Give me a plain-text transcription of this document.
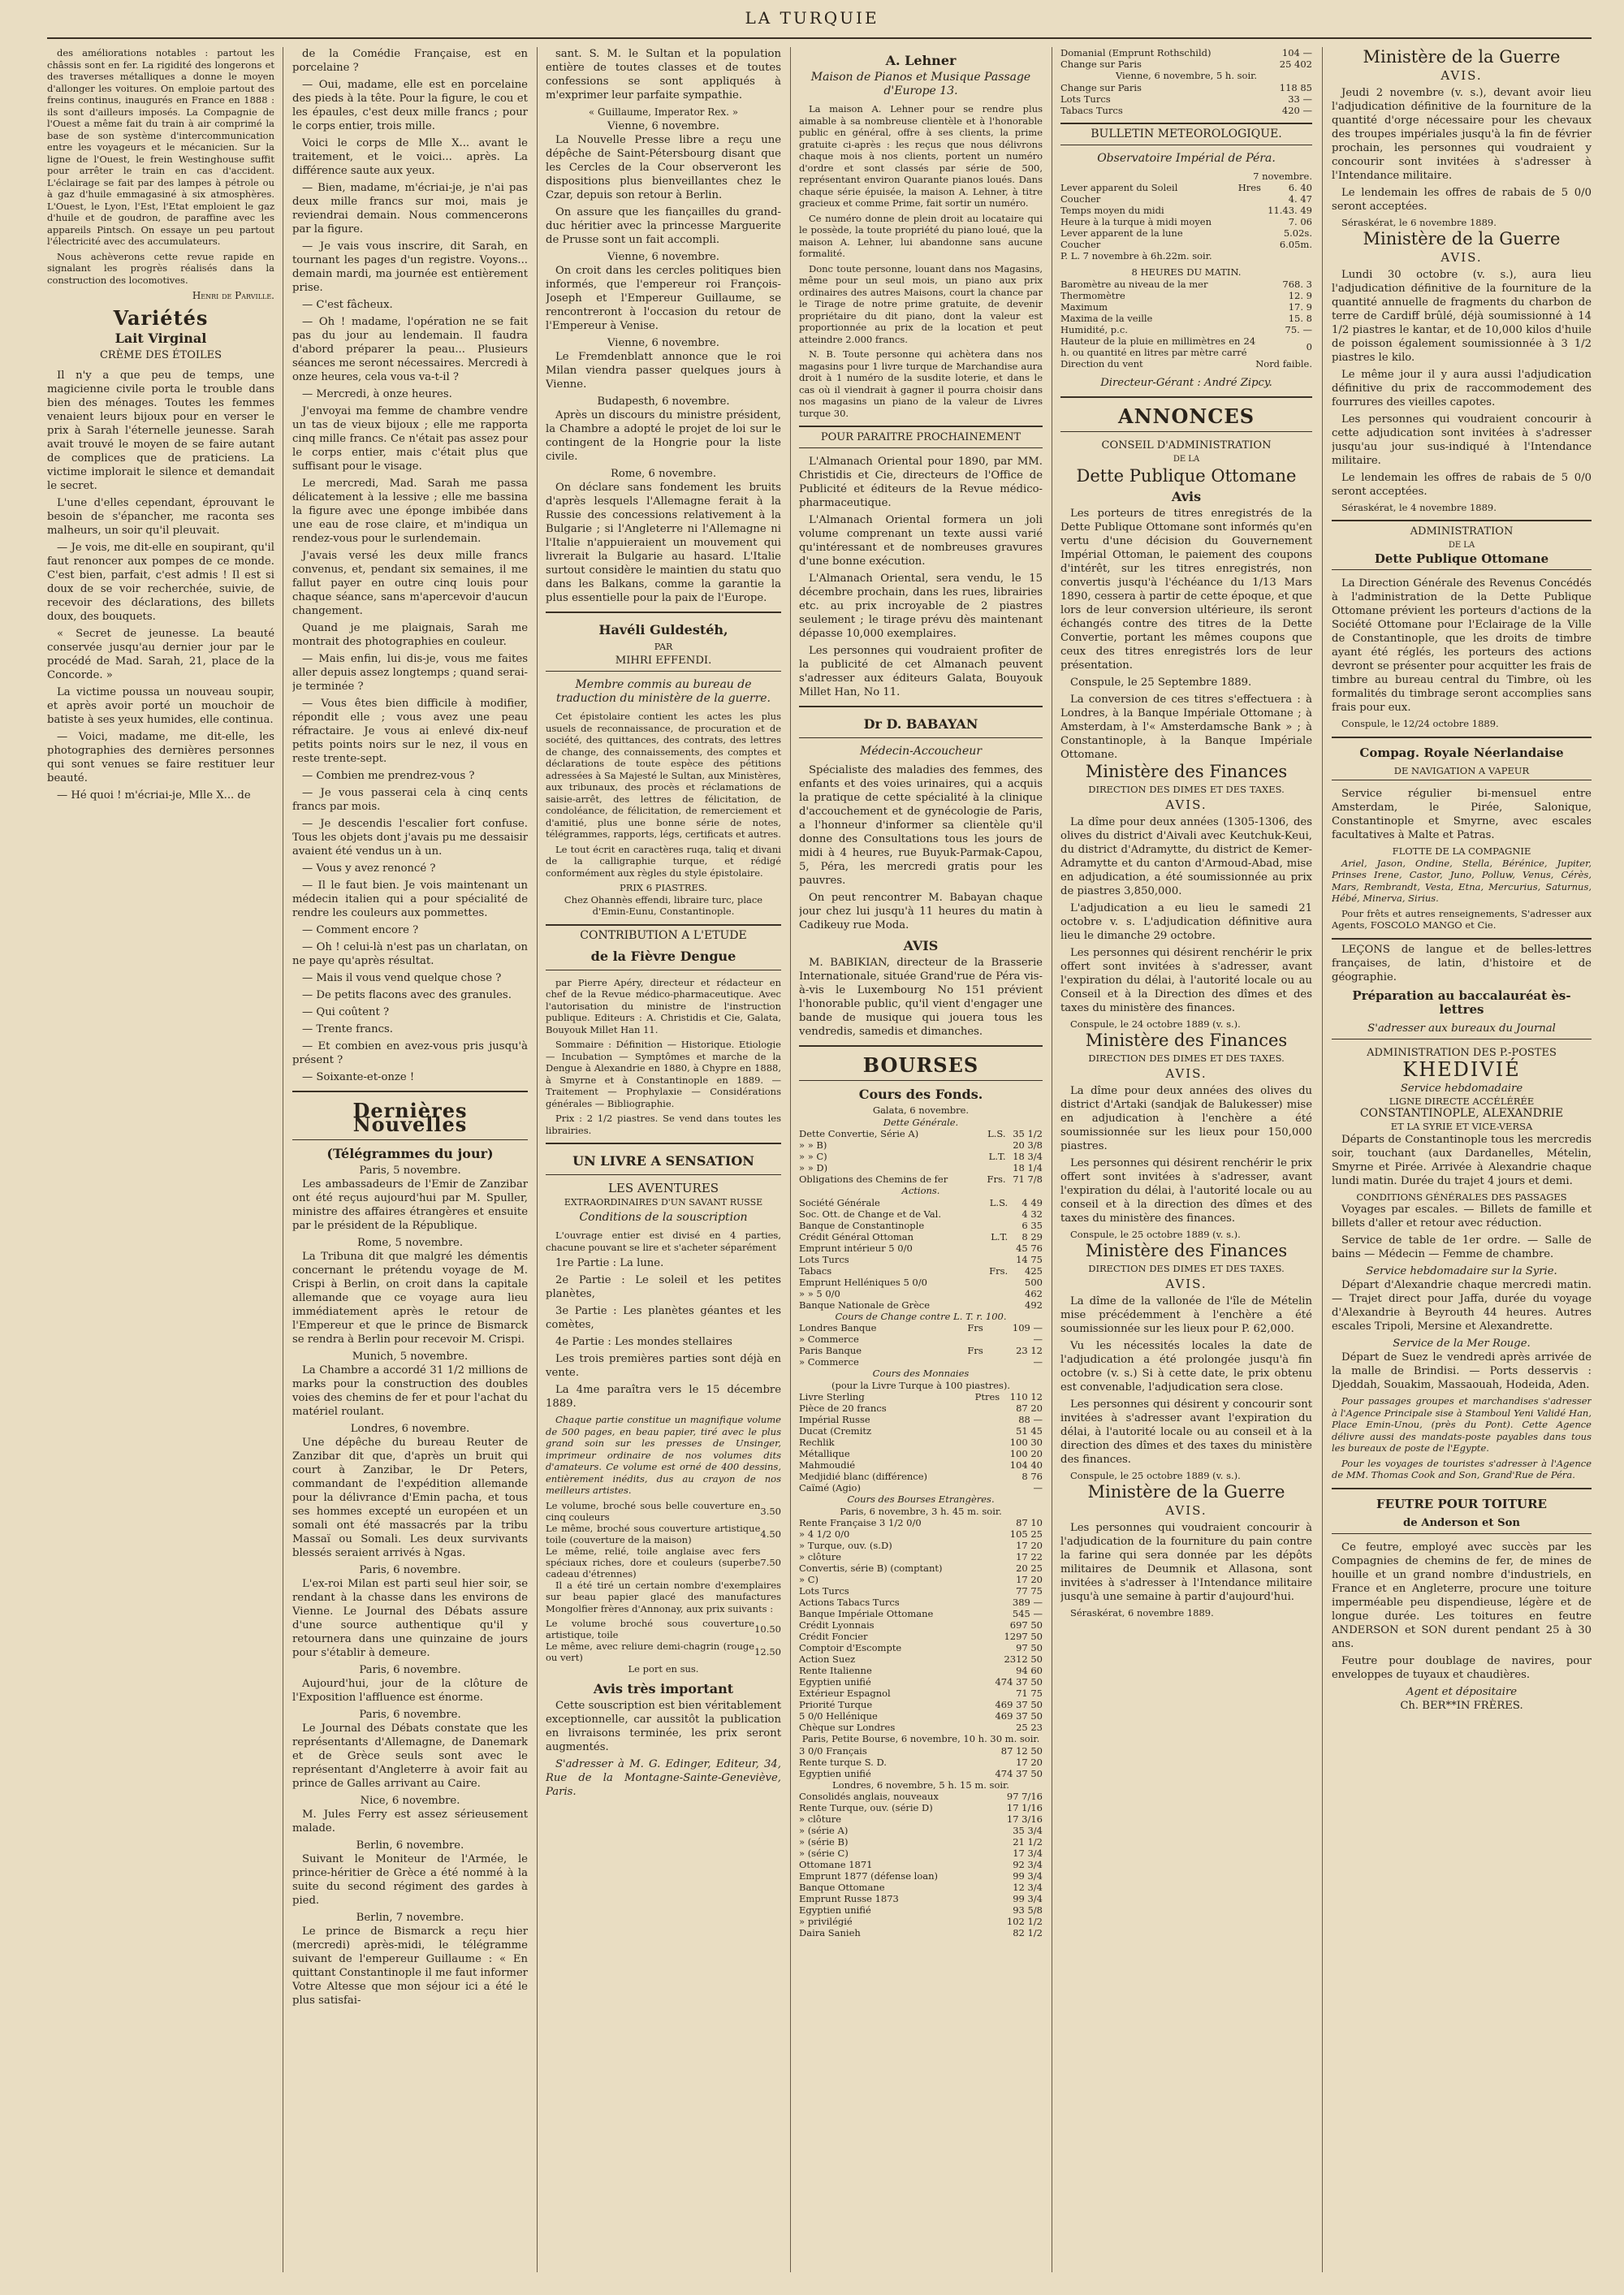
LA TURQUIE

des améliorations notables : partout les châssis sont en fer. La rigidité des longerons et des traverses métalliques a donne le moyen d'allonger les voitures. On emploie partout des freins continus, inaugurés en France en 1888 : ils sont d'ailleurs imposés. La Compagnie de l'Ouest a même fait du train à air comprimé la base de son système d'intercommunication entre les voyageurs et le mécanicien. Sur la ligne de l'Ouest, le frein Westinghouse suffit pour arrêter le train en cas d'accident. L'éclairage se fait par des lampes à pétrole ou à gaz d'huile emmagasiné à six atmosphères. L'Ouest, le Lyon, l'Est, l'Etat emploient le gaz d'huile et de goudron, de paraffine avec les appareils Pintsch. On essaye un peu partout l'électricité avec des accumulateurs.

Nous achèverons cette revue rapide en signalant les progrès réalisés dans la construction des locomotives.

Henri de Parville.
Variétés
Lait Virginal
CRÈME DES ÉTOILES

Il n'y a que peu de temps, une magicienne civile porta le trouble dans bien des ménages. Toutes les femmes venaient leurs bijoux pour en verser le prix à Sarah l'éternelle jeunesse. Sarah avait trouvé le moyen de se faire autant de complices que de praticiens. La victime implorait le silence et demandait le secret.

L'une d'elles cependant, éprouvant le besoin de s'épancher, me raconta ses malheurs, un soir qu'il pleuvait.

— Je vois, me dit-elle en soupirant, qu'il faut renoncer aux pompes de ce monde. C'est bien, parfait, c'est admis ! Il est si doux de se voir recherchée, suivie, de recevoir des déclarations, des billets doux, des bouquets.

« Secret de jeunesse. La beauté conservée jusqu'au dernier jour par le procédé de Mad. Sarah, 21, place de la Concorde. »

La victime poussa un nouveau soupir, et après avoir porté un mouchoir de batiste à ses yeux humides, elle continua.

— Voici, madame, me dit-elle, les photographies des dernières personnes qui sont venues se faire restituer leur beauté.

— Hé quoi ! m'écriai-je, Mlle X... de

de la Comédie Française, est en porcelaine ?

— Oui, madame, elle est en porcelaine des pieds à la tête. Pour la figure, le cou et les épaules, c'est deux mille francs ; pour le corps entier, trois mille.

Voici le corps de Mlle X... avant le traitement, et le voici... après. La différence saute aux yeux.

— Bien, madame, m'écriai-je, je n'ai pas deux mille francs sur moi, mais je reviendrai demain. Nous commencerons par la figure.

— Je vais vous inscrire, dit Sarah, en tournant les pages d'un registre. Voyons... demain mardi, ma journée est entièrement prise.

— C'est fâcheux.

— Oh ! madame, l'opération ne se fait pas du jour au lendemain. Il faudra d'abord préparer la peau... Plusieurs séances me seront nécessaires. Mercredi à onze heures, cela vous va-t-il ?

— Mercredi, à onze heures.

J'envoyai ma femme de chambre vendre un tas de vieux bijoux ; elle me rapporta cinq mille francs. Ce n'était pas assez pour le corps entier, mais c'était plus que suffisant pour le visage.

Le mercredi, Mad. Sarah me passa délicatement à la lessive ; elle me bassina la figure avec une éponge imbibée dans une eau de rose claire, et m'indiqua un rendez-vous pour le surlendemain.

J'avais versé les deux mille francs convenus, et, pendant six semaines, il me fallut payer en outre cinq louis pour chaque séance, sans m'apercevoir d'aucun changement.

Quand je me plaignais, Sarah me montrait des photographies en couleur.

— Mais enfin, lui dis-je, vous me faites aller depuis assez longtemps ; quand serai-je terminée ?

— Vous êtes bien difficile à modifier, répondit elle ; vous avez une peau réfractaire. Je vous ai enlevé dix-neuf petits points noirs sur le nez, il vous en reste trente-sept.

— Combien me prendrez-vous ?

— Je vous passerai cela à cinq cents francs par mois.

— Je descendis l'escalier fort confuse. Tous les objets dont j'avais pu me dessaisir avaient été vendus un à un.

— Vous y avez renoncé ?

— Il le faut bien. Je vois maintenant un médecin italien qui a pour spécialité de rendre les couleurs aux pommettes.

— Comment encore ?

— Oh ! celui-là n'est pas un charlatan, on ne paye qu'après résultat.

— Mais il vous vend quelque chose ?

— De petits flacons avec des granules.

— Qui coûtent ?

— Trente francs.

— Et combien en avez-vous pris jusqu'à présent ?

— Soixante-et-onze !

Dernières Nouvelles
(Télégrammes du jour)
Paris, 5 novembre.

Les ambassadeurs de l'Emir de Zanzibar ont été reçus aujourd'hui par M. Spuller, ministre des affaires étrangères et ensuite par le président de la République.

Rome, 5 novembre.

La Tribuna dit que malgré les démentis concernant le prétendu voyage de M. Crispi à Berlin, on croit dans la capitale allemande que ce voyage aura lieu immédiatement après le retour de l'Empereur et que le prince de Bismarck se rendra à Berlin pour recevoir M. Crispi.

Munich, 5 novembre.

La Chambre a accordé 31 1/2 millions de marks pour la construction des doubles voies des chemins de fer et pour l'achat du matériel roulant.

Londres, 6 novembre.

Une dépêche du bureau Reuter de Zanzibar dit que, d'après un bruit qui court à Zanzibar, le Dr Peters, commandant de l'expédition allemande pour la délivrance d'Emin pacha, et tous ses hommes excepté un européen et un somali ont été massacrés par la tribu Massaï ou Somali. Les deux survivants blessés seraient arrivés à Ngas.

Paris, 6 novembre.

L'ex-roi Milan est parti seul hier soir, se rendant à la chasse dans les environs de Vienne. Le Journal des Débats assure d'une source authentique qu'il y retournera dans une quinzaine de jours pour s'établir à demeure.

Paris, 6 novembre.

Aujourd'hui, jour de la clôture de l'Exposition l'affluence est énorme.

Paris, 6 novembre.

Le Journal des Débats constate que les représentants d'Allemagne, de Danemark et de Grèce seuls sont avec le représentant d'Angleterre à avoir fait au prince de Galles arrivant au Caire.

Nice, 6 novembre.

M. Jules Ferry est assez sérieusement malade.

Berlin, 6 novembre.

Suivant le Moniteur de l'Armée, le prince-héritier de Grèce a été nommé à la suite du second régiment des gardes à pied.

Berlin, 7 novembre.

Le prince de Bismarck a reçu hier (mercredi) après-midi, le télégramme suivant de l'empereur Guillaume : « En quittant Constantinople il me faut informer Votre Altesse que mon séjour ici a été le plus satisfai-

sant. S. M. le Sultan et la population entière de toutes classes et de toutes confessions se sont appliqués à m'exprimer leur parfaite sympathie.

« Guillaume, Imperator Rex. »
Vienne, 6 novembre.

La Nouvelle Presse libre a reçu une dépêche de Saint-Pétersbourg disant que les Cercles de la Cour observeront les dispositions plus bienveillantes chez le Czar, depuis son retour à Berlin.

On assure que les fiançailles du grand-duc héritier avec la princesse Marguerite de Prusse sont un fait accompli.

Vienne, 6 novembre.

On croit dans les cercles politiques bien informés, que l'empereur roi François-Joseph et l'Empereur Guillaume, se rencontreront à l'occasion du retour de l'Empereur à Venise.

Vienne, 6 novembre.

Le Fremdenblatt annonce que le roi Milan viendra passer quelques jours à Vienne.

Budapesth, 6 novembre.

Après un discours du ministre président, la Chambre a adopté le projet de loi sur le contingent de la Hongrie pour la liste civile.

Rome, 6 novembre.

On déclare sans fondement les bruits d'après lesquels l'Allemagne ferait à la Russie des concessions relativement à la Bulgarie ; si l'Angleterre ni l'Allemagne ni l'Italie n'appuieraient un mouvement qui livrerait la Bulgarie au hasard. L'Italie surtout considère le maintien du statu quo dans les Balkans, comme la garantie la plus essentielle pour la paix de l'Europe.

Havéli Guldestéh,
PAR
MIHRI EFFENDI.
Membre commis au bureau de traduction du ministère de la guerre.

Cet épistolaire contient les actes les plus usuels de reconnaissance, de procuration et de société, des quittances, des contrats, des lettres de change, des connaissements, des comptes et déclarations de toute espèce des pétitions adressées à Sa Majesté le Sultan, aux Ministères, aux tribunaux, des procès et réclamations de saisie-arrêt, des lettres de félicitation, de condoléance, de félicitation, de remerciement et d'amitié, plus une bonne série de notes, télégrammes, rapports, légs, certificats et autres.

Le tout écrit en caractères ruqa, taliq et divani de la calligraphie turque, et rédigé conformément aux règles du style épistolaire.

PRIX 6 PIASTRES.
Chez Ohannès effendi, libraire turc, place d'Emin-Eunu, Constantinople.
CONTRIBUTION A L'ETUDE
de la Fièvre Dengue

par Pierre Apéry, directeur et rédacteur en chef de la Revue médico-pharmaceutique. Avec l'autorisation du ministre de l'instruction publique. Editeurs : A. Christidis et Cie, Galata, Bouyouk Millet Han 11.

Sommaire : Définition — Historique. Etiologie — Incubation — Symptômes et marche de la Dengue à Alexandrie en 1880, à Chypre en 1888, à Smyrne et à Constantinople en 1889. — Traitement — Prophylaxie — Considérations générales — Bibliographie.

Prix : 2 1/2 piastres. Se vend dans toutes les librairies.

UN LIVRE A SENSATION
LES AVENTURES
EXTRAORDINAIRES D'UN SAVANT RUSSE
Conditions de la souscription

L'ouvrage entier est divisé en 4 parties, chacune pouvant se lire et s'acheter séparément

1re Partie : La lune.

2e Partie : Le soleil et les petites planètes,

3e Partie : Les planètes géantes et les comètes,

4e Partie : Les mondes stellaires

Les trois premières parties sont déjà en vente.

La 4me paraîtra vers le 15 décembre 1889.

Chaque partie constitue un magnifique volume de 500 pages, en beau papier, tiré avec le plus grand soin sur les presses de Unsinger, imprimeur ordinaire de nos volumes dits d'amateurs. Ce volume est orné de 400 dessins, entièrement inédits, dus au crayon de nos meilleurs artistes.

Le volume, broché sous belle couverture en cinq couleurs	3.50
Le même, broché sous couverture artistique toile (couverture de la maison)	4.50
Le même, relié, toile anglaise avec fers spéciaux riches, dore et couleurs (superbe cadeau d'étrennes)	7.50

Il a été tiré un certain nombre d'exemplaires sur beau papier glacé des manufactures Mongolfier frères d'Annonay, aux prix suivants :

Le volume broché sous couverture artistique, toile	10.50
Le même, avec reliure demi-chagrin (rouge ou vert)	12.50
Le port en sus.
Avis très important

Cette souscription est bien véritablement exceptionnelle, car aussitôt la publication en livraisons terminée, les prix seront augmentés.

S'adresser à M. G. Edinger, Editeur, 34, Rue de la Montagne-Sainte-Geneviève, Paris.

A. Lehner
Maison de Pianos et Musique Passage d'Europe 13.

La maison A. Lehner pour se rendre plus aimable à sa nombreuse clientèle et à l'honorable public en général, offre à ses clients, la prime gratuite ci-après : les reçus que nous délivrons chaque mois à nos clients, portent un numéro d'ordre et sont classés par série de 500, représentant environ Quarante pianos loués. Dans chaque série épuisée, la maison A. Lehner, à titre gracieux et comme Prime, fait sortir un numéro.

Ce numéro donne de plein droit au locataire qui le possède, la toute propriété du piano loué, que la maison A. Lehner, lui abandonne sans aucune formalité.

Donc toute personne, louant dans nos Magasins, même pour un seul mois, un piano aux prix ordinaires des autres Maisons, court la chance par le Tirage de notre prime gratuite, de devenir propriétaire du dit piano, dont la valeur est proportionnée au prix de la location et peut atteindre 2.000 francs.

N. B. Toute personne qui achètera dans nos magasins pour 1 livre turque de Marchandise aura droit à 1 numéro de la susdite loterie, et dans le cas où il viendrait à gagner il pourra choisir dans nos magasins un piano de la valeur de Livres turque 30.

POUR PARAITRE PROCHAINEMENT

L'Almanach Oriental pour 1890, par MM. Christidis et Cie, directeurs de l'Office de Publicité et éditeurs de la Revue médico-pharmaceutique.

L'Almanach Oriental formera un joli volume comprenant un texte aussi varié qu'intéressant et de nombreuses gravures d'une bonne exécution.

L'Almanach Oriental, sera vendu, le 15 décembre prochain, dans les rues, librairies etc. au prix incroyable de 2 piastres seulement ; le tirage prévu dès maintenant dépasse 10,000 exemplaires.

Les personnes qui voudraient profiter de la publicité de cet Almanach peuvent s'adresser aux éditeurs Galata, Bouyouk Millet Han, No 11.

Dr D. BABAYAN
Médecin-Accoucheur

Spécialiste des maladies des femmes, des enfants et des voies urinaires, qui a acquis la pratique de cette spécialité à la clinique d'accouchement et de gynécologie de Paris, a l'honneur d'informer sa clientèle qu'il donne des Consultations tous les jours de midi à 4 heures, rue Buyuk-Parmak-Capou, 5, Péra, les mercredi gratis pour les pauvres.

On peut rencontrer M. Babayan chaque jour chez lui jusqu'à 11 heures du matin à Cadikeuy rue Moda.

AVIS

M. BABIKIAN, directeur de la Brasserie Internationale, située Grand'rue de Péra vis-à-vis le Luxembourg No 151 prévient l'honorable public, qu'il vient d'engager une bande de musique qui jouera tous les vendredis, samedis et dimanches.

BOURSES
Cours des Fonds.
Galata, 6 novembre.
Dette Générale.
Dette Convertie, Série A)	L.S.	35 1/2
» » B)		20 3/8
» » C)	L.T.	18 3/4
» » D)		18 1/4
Obligations des Chemins de fer	Frs.	71 7/8
Actions.
Société Générale	L.S.	4 49
Soc. Ott. de Change et de Val.		4 32
Banque de Constantinople		6 35
Crédit Général Ottoman	L.T.	8 29
Emprunt intérieur 5 0/0		45 76
Lots Turcs		14 75
Tabacs	Frs.	425
Emprunt Helléniques 5 0/0		500
» » 5 0/0		462
Banque Nationale de Grèce		492
Cours de Change contre L. T. r. 100.
Londres Banque	Frs	109 —
» Commerce		—
Paris Banque	Frs	23 12
» Commerce		—
Cours des Monnaies
(pour la Livre Turque à 100 piastres).
Livre Sterling	Ptres	110 12
Pièce de 20 francs		87 20
Impérial Russe		88 —
Ducat (Cremitz		51 45
Rechlik		100 30
Métallique		100 20
Mahmoudié		104 40
Medjidié blanc (différence)		8 76
Caïmé (Agio)		—
Cours des Bourses Etrangères.
Paris, 6 novembre, 3 h. 45 m. soir.
Rente Française 3 1/2 0/0		87 10
» 4 1/2 0/0		105 25
» Turque, ouv. (s.D)		17 20
» clôture		17 22
Convertis, série B) (comptant)		20 25
» C)		17 20
Lots Turcs		77 75
Actions Tabacs Turcs		389 —
Banque Impériale Ottomane		545 —
Crédit Lyonnais		697 50
Crédit Foncier		1297 50
Comptoir d'Escompte		97 50
Action Suez		2312 50
Rente Italienne		94 60
Egyptien unifié		474 37 50
Extérieur Espagnol		71 75
Priorité Turque		469 37 50
5 0/0 Hellénique		469 37 50
Chèque sur Londres		25 23
Paris, Petite Bourse, 6 novembre, 10 h. 30 m. soir.
3 0/0 Français		87 12 50
Rente turque S. D.		17 20
Egyptien unifié		474 37 50
Londres, 6 novembre, 5 h. 15 m. soir.
Consolidés anglais, nouveaux		97 7/16
Rente Turque, ouv. (série D)		17 1/16
» clôture		17 3/16
» (série A)		35 3/4
» (série B)		21 1/2
» (série C)		17 3/4
Ottomane 1871		92 3/4
Emprunt 1877 (défense loan)		99 3/4
Banque Ottomane		12 3/4
Emprunt Russe 1873		99 3/4
Egyptien unifié		93 5/8
» privilégié		102 1/2
Daira Sanieh		82 1/2
Domanial (Emprunt Rothschild)		104 —
Change sur Paris		25 402
Vienne, 6 novembre, 5 h. soir.
Change sur Paris		118 85
Lots Turcs		33 —
Tabacs Turcs		420 —
BULLETIN METEOROLOGIQUE.
Observatoire Impérial de Péra.
7 novembre.
Lever apparent du Soleil	Hres	6. 40
Coucher		4. 47
Temps moyen du midi		11.43. 49
Heure à la turque à midi moyen		7. 06
Lever apparent de la lune		5.02s.
Coucher		6.05m.
P. L. 7 novembre à 6h.22m. soir.		
8 HEURES DU MATIN.
Baromètre au niveau de la mer		768. 3
Thermomètre		12. 9
Maximum		17. 9
Maxima de la veille		15. 8
Humidité, p.c.		75. —
Hauteur de la pluie en millimètres en 24 h. ou quantité en litres par mètre carré		0
Direction du vent		Nord faible.
Directeur-Gérant : André Zipcy.
ANNONCES
CONSEIL D'ADMINISTRATION
DE LA
Dette Publique Ottomane
Avis

Les porteurs de titres enregistrés de la Dette Publique Ottomane sont informés qu'en vertu d'une décision du Gouvernement Impérial Ottoman, le paiement des coupons d'intérêt, sur les titres enregistrés, non convertis jusqu'à l'échéance du 1/13 Mars 1890, cessera à partir de cette époque, et que lors de leur conversion ultérieure, ils seront échangés contre des titres de la Dette Convertie, portant les mêmes coupons que ceux des titres enregistrés lors de leur présentation.

Conspule, le 25 Septembre 1889.

La conversion de ces titres s'effectuera : à Londres, à la Banque Impériale Ottomane ; à Amsterdam, à l'« Amsterdamsche Bank » ; à Constantinople, à la Banque Impériale Ottomane.

Ministère des Finances
DIRECTION DES DIMES ET DES TAXES.
AVIS.

La dîme pour deux années (1305-1306, des olives du district d'Aivali avec Keutchuk-Keui, du district d'Adramytte, du district de Kemer-Adramytte et du canton d'Armoud-Abad, mise en adjudication, a été soumissionnée au prix de piastres 3,850,000.

L'adjudication a eu lieu le samedi 21 octobre v. s. L'adjudication définitive aura lieu le dimanche 29 octobre.

Les personnes qui désirent renchérir le prix offert sont invitées à s'adresser, avant l'expiration du délai, à l'autorité locale ou au Conseil et à la Direction des dîmes et des taxes du ministère des finances.

Conspule, le 24 octobre 1889 (v. s.).

Ministère des Finances
DIRECTION DES DIMES ET DES TAXES.
AVIS.

La dîme pour deux années des olives du district d'Artaki (sandjak de Balukesser) mise en adjudication à l'enchère a été soumissionnée sur les lieux pour 150,000 piastres.

Les personnes qui désirent renchérir le prix offert sont invitées à s'adresser, avant l'expiration du délai, à l'autorité locale ou au conseil et à la direction des dîmes et des taxes du ministère des finances.

Conspule, le 25 octobre 1889 (v. s.).

Ministère des Finances
DIRECTION DES DIMES ET DES TAXES.
AVIS.

La dîme de la vallonée de l'île de Mételin mise précédemment à l'enchère a été soumissionnée sur les lieux pour P. 62,000.

Vu les nécessités locales la date de l'adjudication a été prolongée jusqu'à fin octobre (v. s.) Si à cette date, le prix obtenu est convenable, l'adjudication sera close.

Les personnes qui désirent y concourir sont invitées à s'adresser avant l'expiration du délai, à l'autorité locale ou au conseil et à la direction des dîmes et des taxes du ministère des finances.

Conspule, le 25 octobre 1889 (v. s.).

Ministère de la Guerre
AVIS.

Les personnes qui voudraient concourir à l'adjudication de la fourniture du pain contre la farine qui sera donnée par les dépôts militaires de Deumnik et Allasona, sont invitées à s'adresser à l'Intendance militaire jusqu'à une semaine à partir d'aujourd'hui.

Séraskérat, 6 novembre 1889.

Ministère de la Guerre
AVIS.

Jeudi 2 novembre (v. s.), devant avoir lieu l'adjudication définitive de la fourniture de la quantité d'orge nécessaire pour les chevaux des troupes impériales jusqu'à la fin de février prochain, les personnes qui voudraient y concourir sont invitées à s'adresser à l'Intendance militaire.

Le lendemain les offres de rabais de 5 0/0 seront acceptées.

Séraskérat, le 6 novembre 1889.

Ministère de la Guerre
AVIS.

Lundi 30 octobre (v. s.), aura lieu l'adjudication définitive de la fourniture de la quantité annuelle de fragments du charbon de terre de Cardiff brûlé, déjà soumissionné à 14 1/2 piastres le kantar, et de 10,000 kilos d'huile de poisson également soumissionnée à 3 1/2 piastres le kilo.

Le même jour il y aura aussi l'adjudication définitive du prix de raccommodement des fourrures des vieilles capotes.

Les personnes qui voudraient concourir à cette adjudication sont invitées à s'adresser jusqu'au jour sus-indiqué à l'Intendance militaire.

Le lendemain les offres de rabais de 5 0/0 seront acceptées.

Séraskérat, le 4 novembre 1889.

ADMINISTRATION
DE LA
Dette Publique Ottomane

La Direction Générale des Revenus Concédés à l'administration de la Dette Publique Ottomane prévient les porteurs d'actions de la Société Ottomane pour l'Eclairage de la Ville de Constantinople, que les droits de timbre ayant été réglés, les porteurs des actions devront se présenter pour acquitter les frais de timbre au bureau central du Timbre, où les formalités du timbrage seront accomplies sans frais pour eux.

Conspule, le 12/24 octobre 1889.

Compag. Royale Néerlandaise
DE NAVIGATION A VAPEUR

Service régulier bi-mensuel entre Amsterdam, le Pirée, Salonique, Constantinople et Smyrne, avec escales facultatives à Malte et Patras.

FLOTTE DE LA COMPAGNIE

Ariel, Jason, Ondine, Stella, Bérénice, Jupiter, Prinses Irene, Castor, Juno, Polluw, Venus, Cérès, Mars, Rembrandt, Vesta, Etna, Mercurius, Saturnus, Hébé, Minerva, Sirius.

Pour frêts et autres renseignements, S'adresser aux Agents, FOSCOLO MANGO et Cie.

LEÇONS de langue et de belles-lettres françaises, de latin, d'histoire et de géographie.

Préparation au baccalauréat ès-lettres
S'adresser aux bureaux du Journal
ADMINISTRATION DES P.-POSTES
KHEDIVIÉ
Service hebdomadaire
LIGNE DIRECTE ACCÉLÉRÉE
CONSTANTINOPLE, ALEXANDRIE
ET LA SYRIE ET VICE-VERSA

Départs de Constantinople tous les mercredis soir, touchant (aux Dardanelles, Mételin, Smyrne et Pirée. Arrivée à Alexandrie chaque lundi matin. Durée du trajet 4 jours et demi.

CONDITIONS GÉNÉRALES DES PASSAGES

Voyages par escales. — Billets de famille et billets d'aller et retour avec réduction.

Service de table de 1er ordre. — Salle de bains — Médecin — Femme de chambre.

Service hebdomadaire sur la Syrie.

Départ d'Alexandrie chaque mercredi matin. — Trajet direct pour Jaffa, durée du voyage d'Alexandrie à Beyrouth 44 heures. Autres escales Tripoli, Mersine et Alexandrette.

Service de la Mer Rouge.

Départ de Suez le vendredi après arrivée de la malle de Brindisi. — Ports desservis : Djeddah, Souakim, Massaouah, Hodeida, Aden.

Pour passages groupes et marchandises s'adresser à l'Agence Principale sise à Stamboul Yeni Validé Han, Place Emin-Unou, (près du Pont). Cette Agence délivre aussi des mandats-poste payables dans tous les bureaux de poste de l'Egypte.

Pour les voyages de touristes s'adresser à l'Agence de MM. Thomas Cook and Son, Grand'Rue de Péra.

FEUTRE POUR TOITURE
de Anderson et Son

Ce feutre, employé avec succès par les Compagnies de chemins de fer, de mines de houille et un grand nombre d'industriels, en France et en Angleterre, procure une toiture imperméable peu dispendieuse, légère et de longue durée. Les toitures en feutre ANDERSON et SON durent pendant 25 à 30 ans.

Feutre pour doublage de navires, pour enveloppes de tuyaux et chaudières.

Agent et dépositaire
Ch. BER**IN FRÈRES.
